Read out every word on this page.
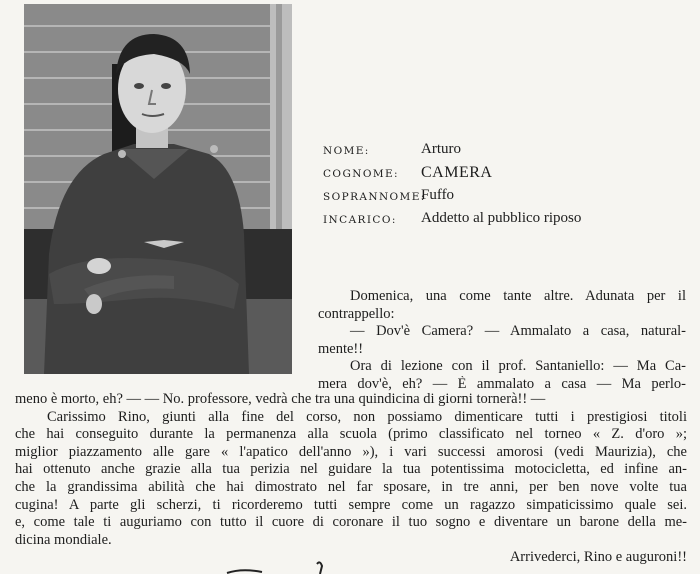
NOME:	Arturo
COGNOME:	CAMERA
SOPRANNOME:
Fuffo
INCARICO:	Addetto al pubblico riposo
Domenica, una come tante altre. Adunata per il
contrappello:
— Dov'è Camera? — Ammalato a casa, natural-
mente!!
Ora di lezione con il prof. Santaniello: — Ma Ca-
mera dov'è, eh? — È ammalato a casa — Ma perlo-
meno è morto, eh? — — No. professore, vedrà che tra una quindicina di giorni tornerà!! —
Carissimo Rino, giunti alla fine del corso, non possiamo dimenticare tutti i prestigiosi titoli
che hai conseguito durante la permanenza alla scuola (primo classificato nel torneo « Z. d'oro »;
miglior piazzamento alle gare « l'apatico dell'anno »), i vari successi amorosi (vedi Maurizia), che
hai ottenuto anche grazie alla tua perizia nel guidare la tua potentissima motocicletta, ed infine an-
che la grandissima abilità che hai dimostrato nel far sposare, in tre anni, per ben nove volte tua
cugina! A parte gli scherzi, ti ricorderemo tutti sempre come un ragazzo simpaticissimo quale sei.
e, come tale ti auguriamo con tutto il cuore di coronare il tuo sogno e diventare un barone della me-
dicina mondiale.
Arrivederci, Rino e auguroni!!
